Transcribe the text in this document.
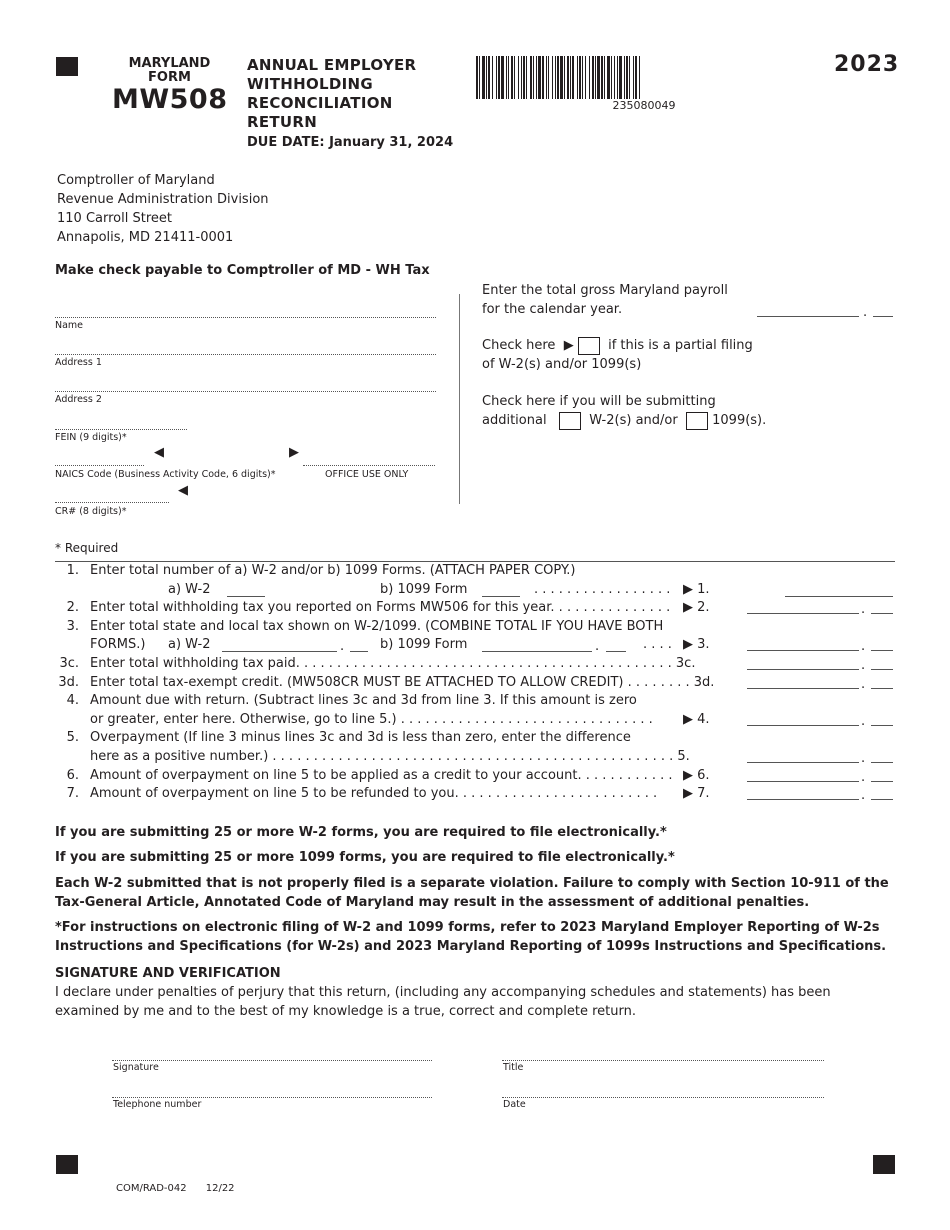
MARYLAND
FORM
MW508
ANNUAL EMPLOYER
WITHHOLDING
RECONCILIATION
RETURN
DUE DATE: January 31, 2024
235080049
2023
Comptroller of Maryland
Revenue Administration Division
110 Carroll Street
Annapolis, MD 21411-0001
Make check payable to Comptroller of MD - WH Tax
Name
Address 1
Address 2
FEIN (9 digits)*
◀	▶
NAICS Code (Business Activity Code, 6 digits)*	OFFICE USE ONLY
◀
CR# (8 digits)*
Enter the total gross Maryland payroll
for the calendar year.	.
Check here  ▶	if this is a partial filing
of W-2(s) and/or 1099(s)
Check here if you will be submitting
additional	W-2(s) and/or	1099(s).
* Required
1. Enter total number of a) W-2 and/or b) 1099 Forms. (ATTACH PAPER COPY.)
a) W-2	b) 1099 Form	. . . . . . . . . . . . . . . . . ▶ 1.
2. Enter total withholding tax you reported on Forms MW506 for this year. . . . . . . . . . . . . . . ▶ 2.	.
3. Enter total state and local tax shown on W-2/1099. (COMBINE TOTAL IF YOU HAVE BOTH
FORMS.) a) W-2	.	b) 1099 Form	.	. . . . ▶ 3.	.
3c. Enter total withholding tax paid. . . . . . . . . . . . . . . . . . . . . . . . . . . . . . . . . . . . . . . . . . . . . . 3c.	.
3d. Enter total tax-exempt credit. (MW508CR MUST BE ATTACHED TO ALLOW CREDIT) . . . . . . . . 3d.	.
4. Amount due with return. (Subtract lines 3c and 3d from line 3. If this amount is zero
or greater, enter here. Otherwise, go to line 5.) . . . . . . . . . . . . . . . . . . . . . . . . . . . . . . . ▶ 4.	.
5. Overpayment (If line 3 minus lines 3c and 3d is less than zero, enter the difference
here as a positive number.) . . . . . . . . . . . . . . . . . . . . . . . . . . . . . . . . . . . . . . . . . . . . . . . . . 5.	.
6. Amount of overpayment on line 5 to be applied as a credit to your account. . . . . . . . . . . . ▶ 6.	.
7. Amount of overpayment on line 5 to be refunded to you. . . . . . . . . . . . . . . . . . . . . . . . . ▶ 7.	.
If you are submitting 25 or more W-2 forms, you are required to file electronically.*
If you are submitting 25 or more 1099 forms, you are required to file electronically.*
Each W-2 submitted that is not properly filed is a separate violation. Failure to comply with Section 10-911 of the Tax-General Article, Annotated Code of Maryland may result in the assessment of additional penalties.
*For instructions on electronic filing of W-2 and 1099 forms, refer to 2023 Maryland Employer Reporting of W-2s Instructions and Specifications (for W-2s) and 2023 Maryland Reporting of 1099s Instructions and Specifications.
SIGNATURE AND VERIFICATION
I declare under penalties of perjury that this return, (including any accompanying schedules and statements) has been examined by me and to the best of my knowledge is a true, correct and complete return.
Signature	Title
Telephone number	Date
COM/RAD-042 12/22
